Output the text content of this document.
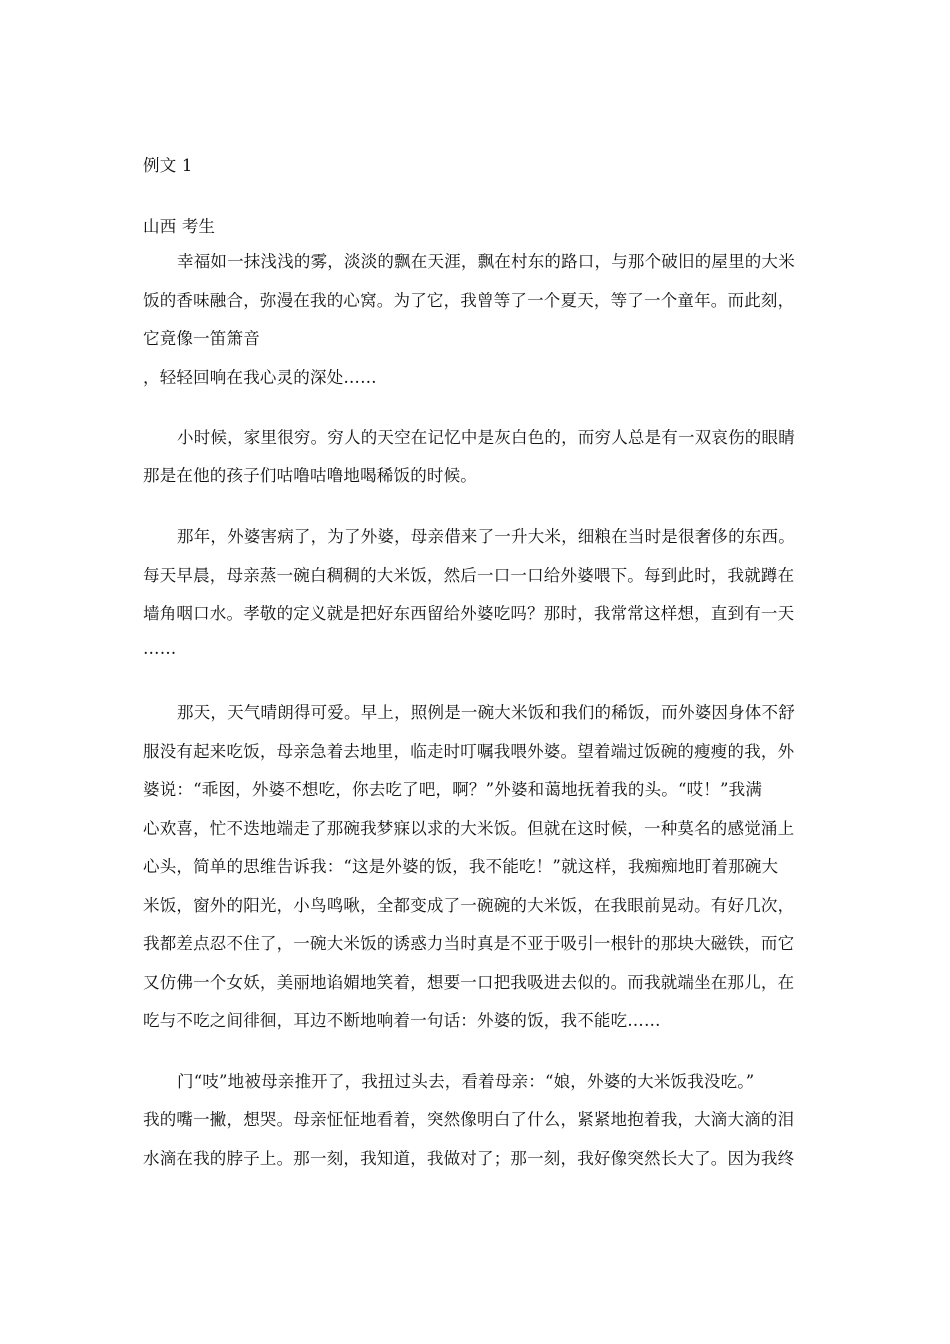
例文 1
山西 考生
幸福如一抹浅浅的雾，淡淡的飘在天涯，飘在村东的路口，与那个破旧的屋里的大米
饭的香味融合，弥漫在我的心窝。为了它，我曾等了一个夏天，等了一个童年。而此刻，
它竟像一笛箫音
，轻轻回响在我心灵的深处……
小时候，家里很穷。穷人的天空在记忆中是灰白色的，而穷人总是有一双哀伤的眼睛
那是在他的孩子们咕噜咕噜地喝稀饭的时候。
那年，外婆害病了，为了外婆，母亲借来了一升大米，细粮在当时是很奢侈的东西。
每天早晨，母亲蒸一碗白稠稠的大米饭，然后一口一口给外婆喂下。每到此时，我就蹲在
墙角咽口水。孝敬的定义就是把好东西留给外婆吃吗？那时，我常常这样想，直到有一天
……
那天，天气晴朗得可爱。早上，照例是一碗大米饭和我们的稀饭，而外婆因身体不舒
服没有起来吃饭，母亲急着去地里，临走时叮嘱我喂外婆。望着端过饭碗的瘦瘦的我，外
婆说：“乖囡，外婆不想吃，你去吃了吧，啊？”外婆和蔼地抚着我的头。“哎！”我满
心欢喜，忙不迭地端走了那碗我梦寐以求的大米饭。但就在这时候，一种莫名的感觉涌上
心头，简单的思维告诉我：“这是外婆的饭，我不能吃！”就这样，我痴痴地盯着那碗大
米饭，窗外的阳光，小鸟鸣啾，全都变成了一碗碗的大米饭，在我眼前晃动。有好几次，
我都差点忍不住了，一碗大米饭的诱惑力当时真是不亚于吸引一根针的那块大磁铁，而它
又仿佛一个女妖，美丽地谄媚地笑着，想要一口把我吸进去似的。而我就端坐在那儿，在
吃与不吃之间徘徊，耳边不断地响着一句话：外婆的饭，我不能吃……
门“吱”地被母亲推开了，我扭过头去，看着母亲：“娘，外婆的大米饭我没吃。”
我的嘴一撇，想哭。母亲怔怔地看着，突然像明白了什么，紧紧地抱着我，大滴大滴的泪
水滴在我的脖子上。那一刻，我知道，我做对了；那一刻，我好像突然长大了。因为我终
